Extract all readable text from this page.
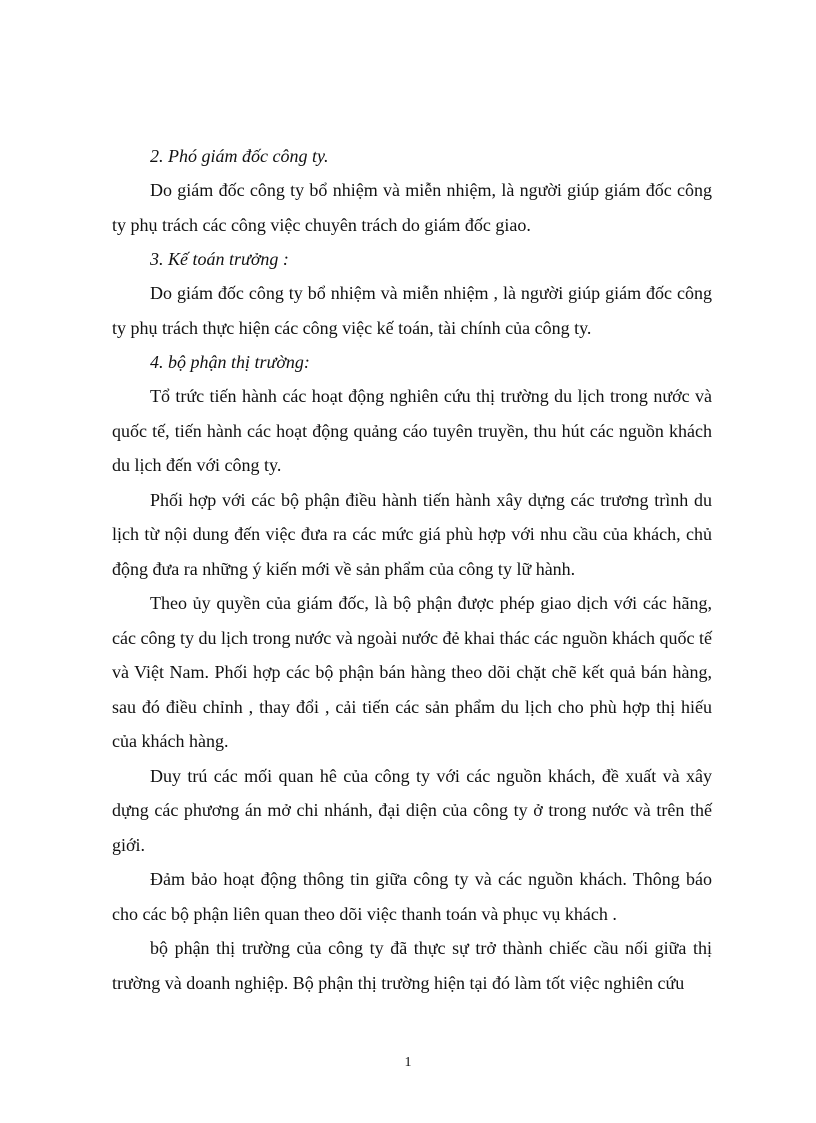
2. Phó giám đốc công ty.

Do giám đốc công ty bổ nhiệm và miễn nhiệm, là người giúp giám đốc công ty phụ trách các công việc chuyên trách do giám đốc giao.

3. Kế toán trưởng :

Do giám đốc công ty bổ nhiệm và miễn nhiệm , là người giúp giám đốc công ty phụ trách thực hiện các công việc kế toán, tài chính của công ty.

4. bộ phận thị trường:

Tổ trức tiến hành các hoạt động nghiên cứu thị trường du lịch trong nước và quốc tế, tiến hành các hoạt động quảng cáo tuyên truyền, thu hút các nguồn khách du lịch đến với công ty.

Phối hợp với các bộ phận điều hành tiến hành xây dựng các trương trình du lịch từ nội dung đến việc đưa ra các mức giá phù hợp với nhu cầu của khách, chủ động đưa ra những ý kiến mới về sản phẩm của công ty lữ hành.

Theo ủy quyền của giám đốc, là bộ phận được phép giao dịch với các hãng, các công ty du lịch trong nước và ngoài nước đẻ khai thác các nguồn khách quốc tế và Việt Nam. Phối hợp các bộ phận bán hàng theo dõi chặt chẽ kết quả bán hàng, sau đó điều chỉnh , thay đổi , cải tiến các sản phẩm du lịch cho phù hợp thị hiếu của khách hàng.

Duy trú các mối quan hê của công ty với các nguồn khách, đề xuất và xây dựng các phương án mở chi nhánh, đại diện của công ty ở trong nước và trên thế giới.

Đảm bảo hoạt động thông tin giữa công ty và các nguồn khách. Thông báo cho các bộ phận liên quan theo dõi việc thanh toán và phục vụ khách .

bộ phận thị trường của công ty đã thực sự trở thành chiếc cầu nối giữa thị trường và doanh nghiệp. Bộ phận thị trường hiện tại đó làm tốt việc nghiên cứu

1
